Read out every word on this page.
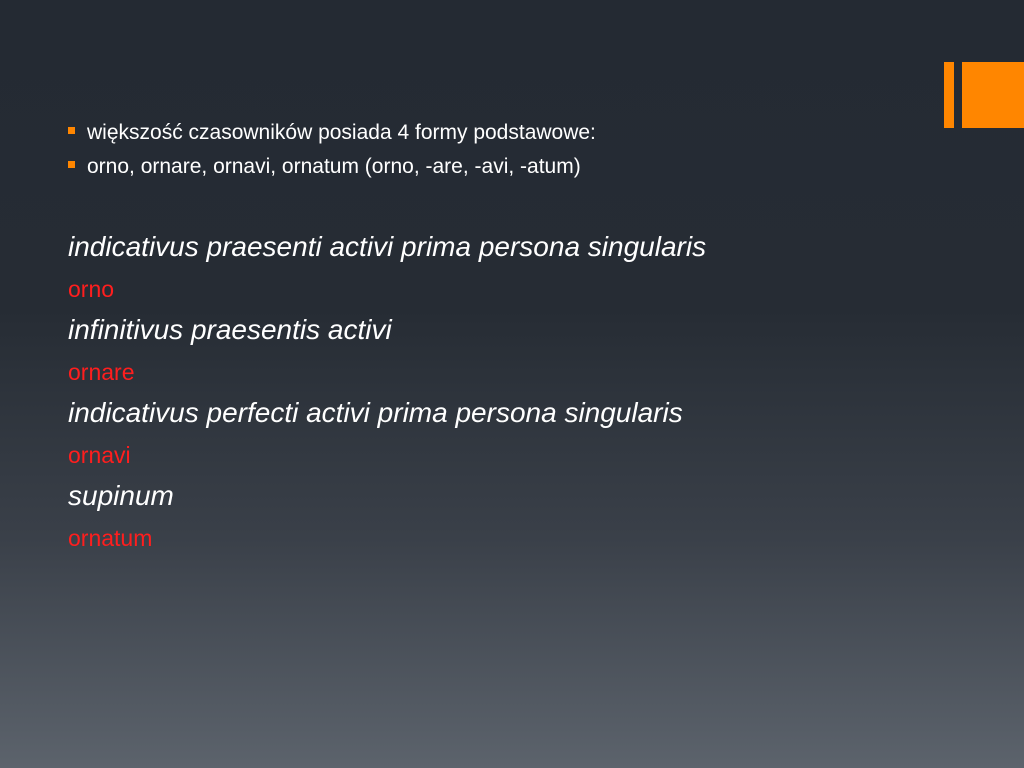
większość czasowników posiada 4 formy podstawowe:
orno, ornare, ornavi, ornatum (orno, -are, -avi, -atum)
indicativus praesenti activi prima persona singularis
orno
infinitivus praesentis activi
ornare
indicativus perfecti activi prima persona singularis
ornavi
supinum
ornatum
